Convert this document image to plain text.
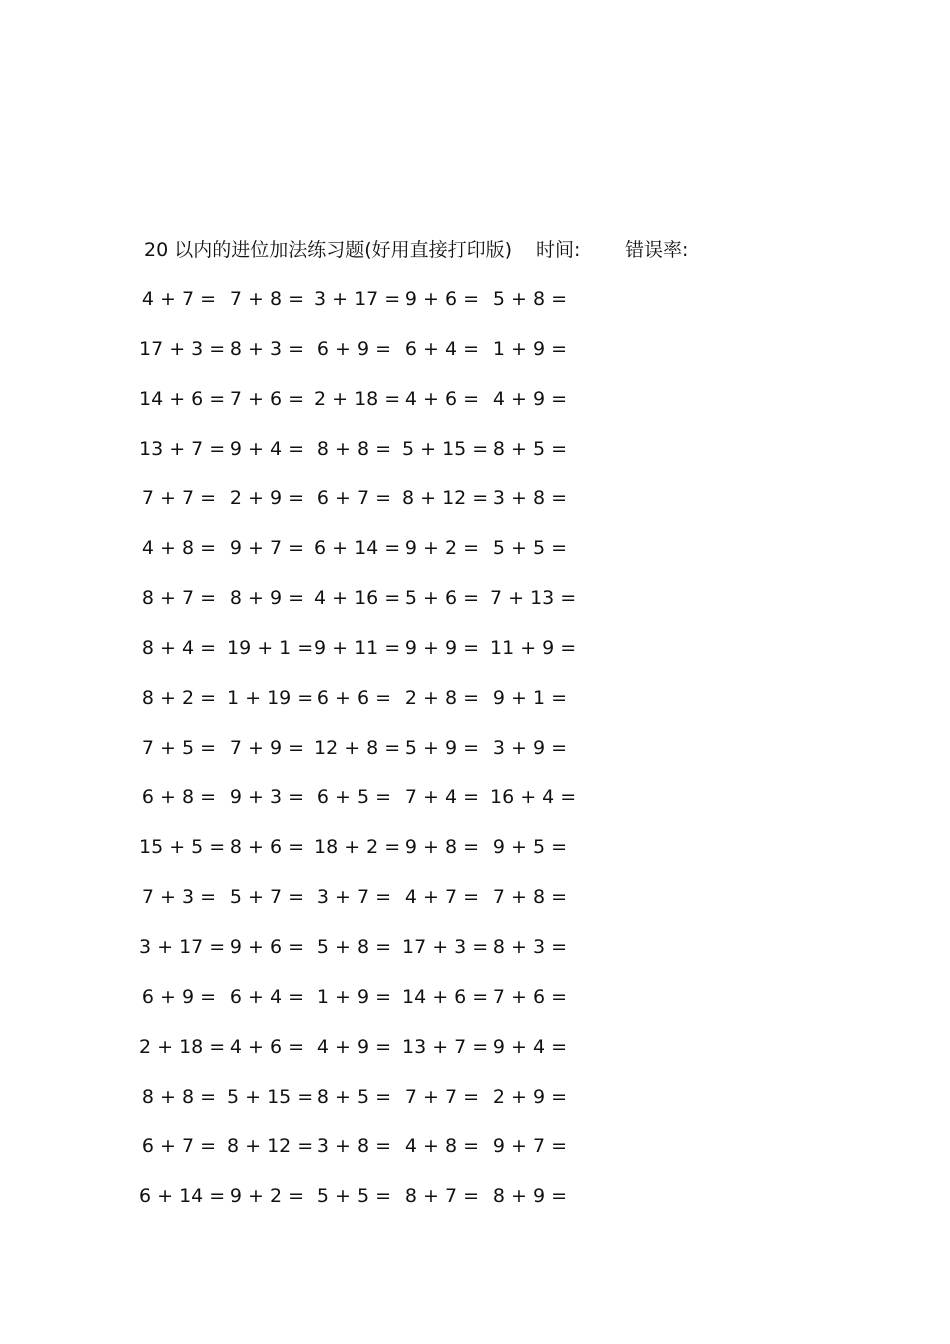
20 以内的进位加法练习题(好用直接打印版) 时间: 错误率:
4 + 7 = 7 + 8 = 3 + 17 = 9 + 6 = 5 + 8 =
17 + 3 = 8 + 3 = 6 + 9 = 6 + 4 = 1 + 9 =
14 + 6 = 7 + 6 = 2 + 18 = 4 + 6 = 4 + 9 =
13 + 7 = 9 + 4 = 8 + 8 = 5 + 15 = 8 + 5 =
7 + 7 = 2 + 9 = 6 + 7 = 8 + 12 = 3 + 8 =
4 + 8 = 9 + 7 = 6 + 14 = 9 + 2 = 5 + 5 =
8 + 7 = 8 + 9 = 4 + 16 = 5 + 6 = 7 + 13 =
8 + 4 = 19 + 1 = 9 + 11 = 9 + 9 = 11 + 9 =
8 + 2 = 1 + 19 = 6 + 6 = 2 + 8 = 9 + 1 =
7 + 5 = 7 + 9 = 12 + 8 = 5 + 9 = 3 + 9 =
6 + 8 = 9 + 3 = 6 + 5 = 7 + 4 = 16 + 4 =
15 + 5 = 8 + 6 = 18 + 2 = 9 + 8 = 9 + 5 =
7 + 3 = 5 + 7 = 3 + 7 = 4 + 7 = 7 + 8 =
3 + 17 = 9 + 6 = 5 + 8 = 17 + 3 = 8 + 3 =
6 + 9 = 6 + 4 = 1 + 9 = 14 + 6 = 7 + 6 =
2 + 18 = 4 + 6 = 4 + 9 = 13 + 7 = 9 + 4 =
8 + 8 = 5 + 15 = 8 + 5 = 7 + 7 = 2 + 9 =
6 + 7 = 8 + 12 = 3 + 8 = 4 + 8 = 9 + 7 =
6 + 14 = 9 + 2 = 5 + 5 = 8 + 7 = 8 + 9 =
